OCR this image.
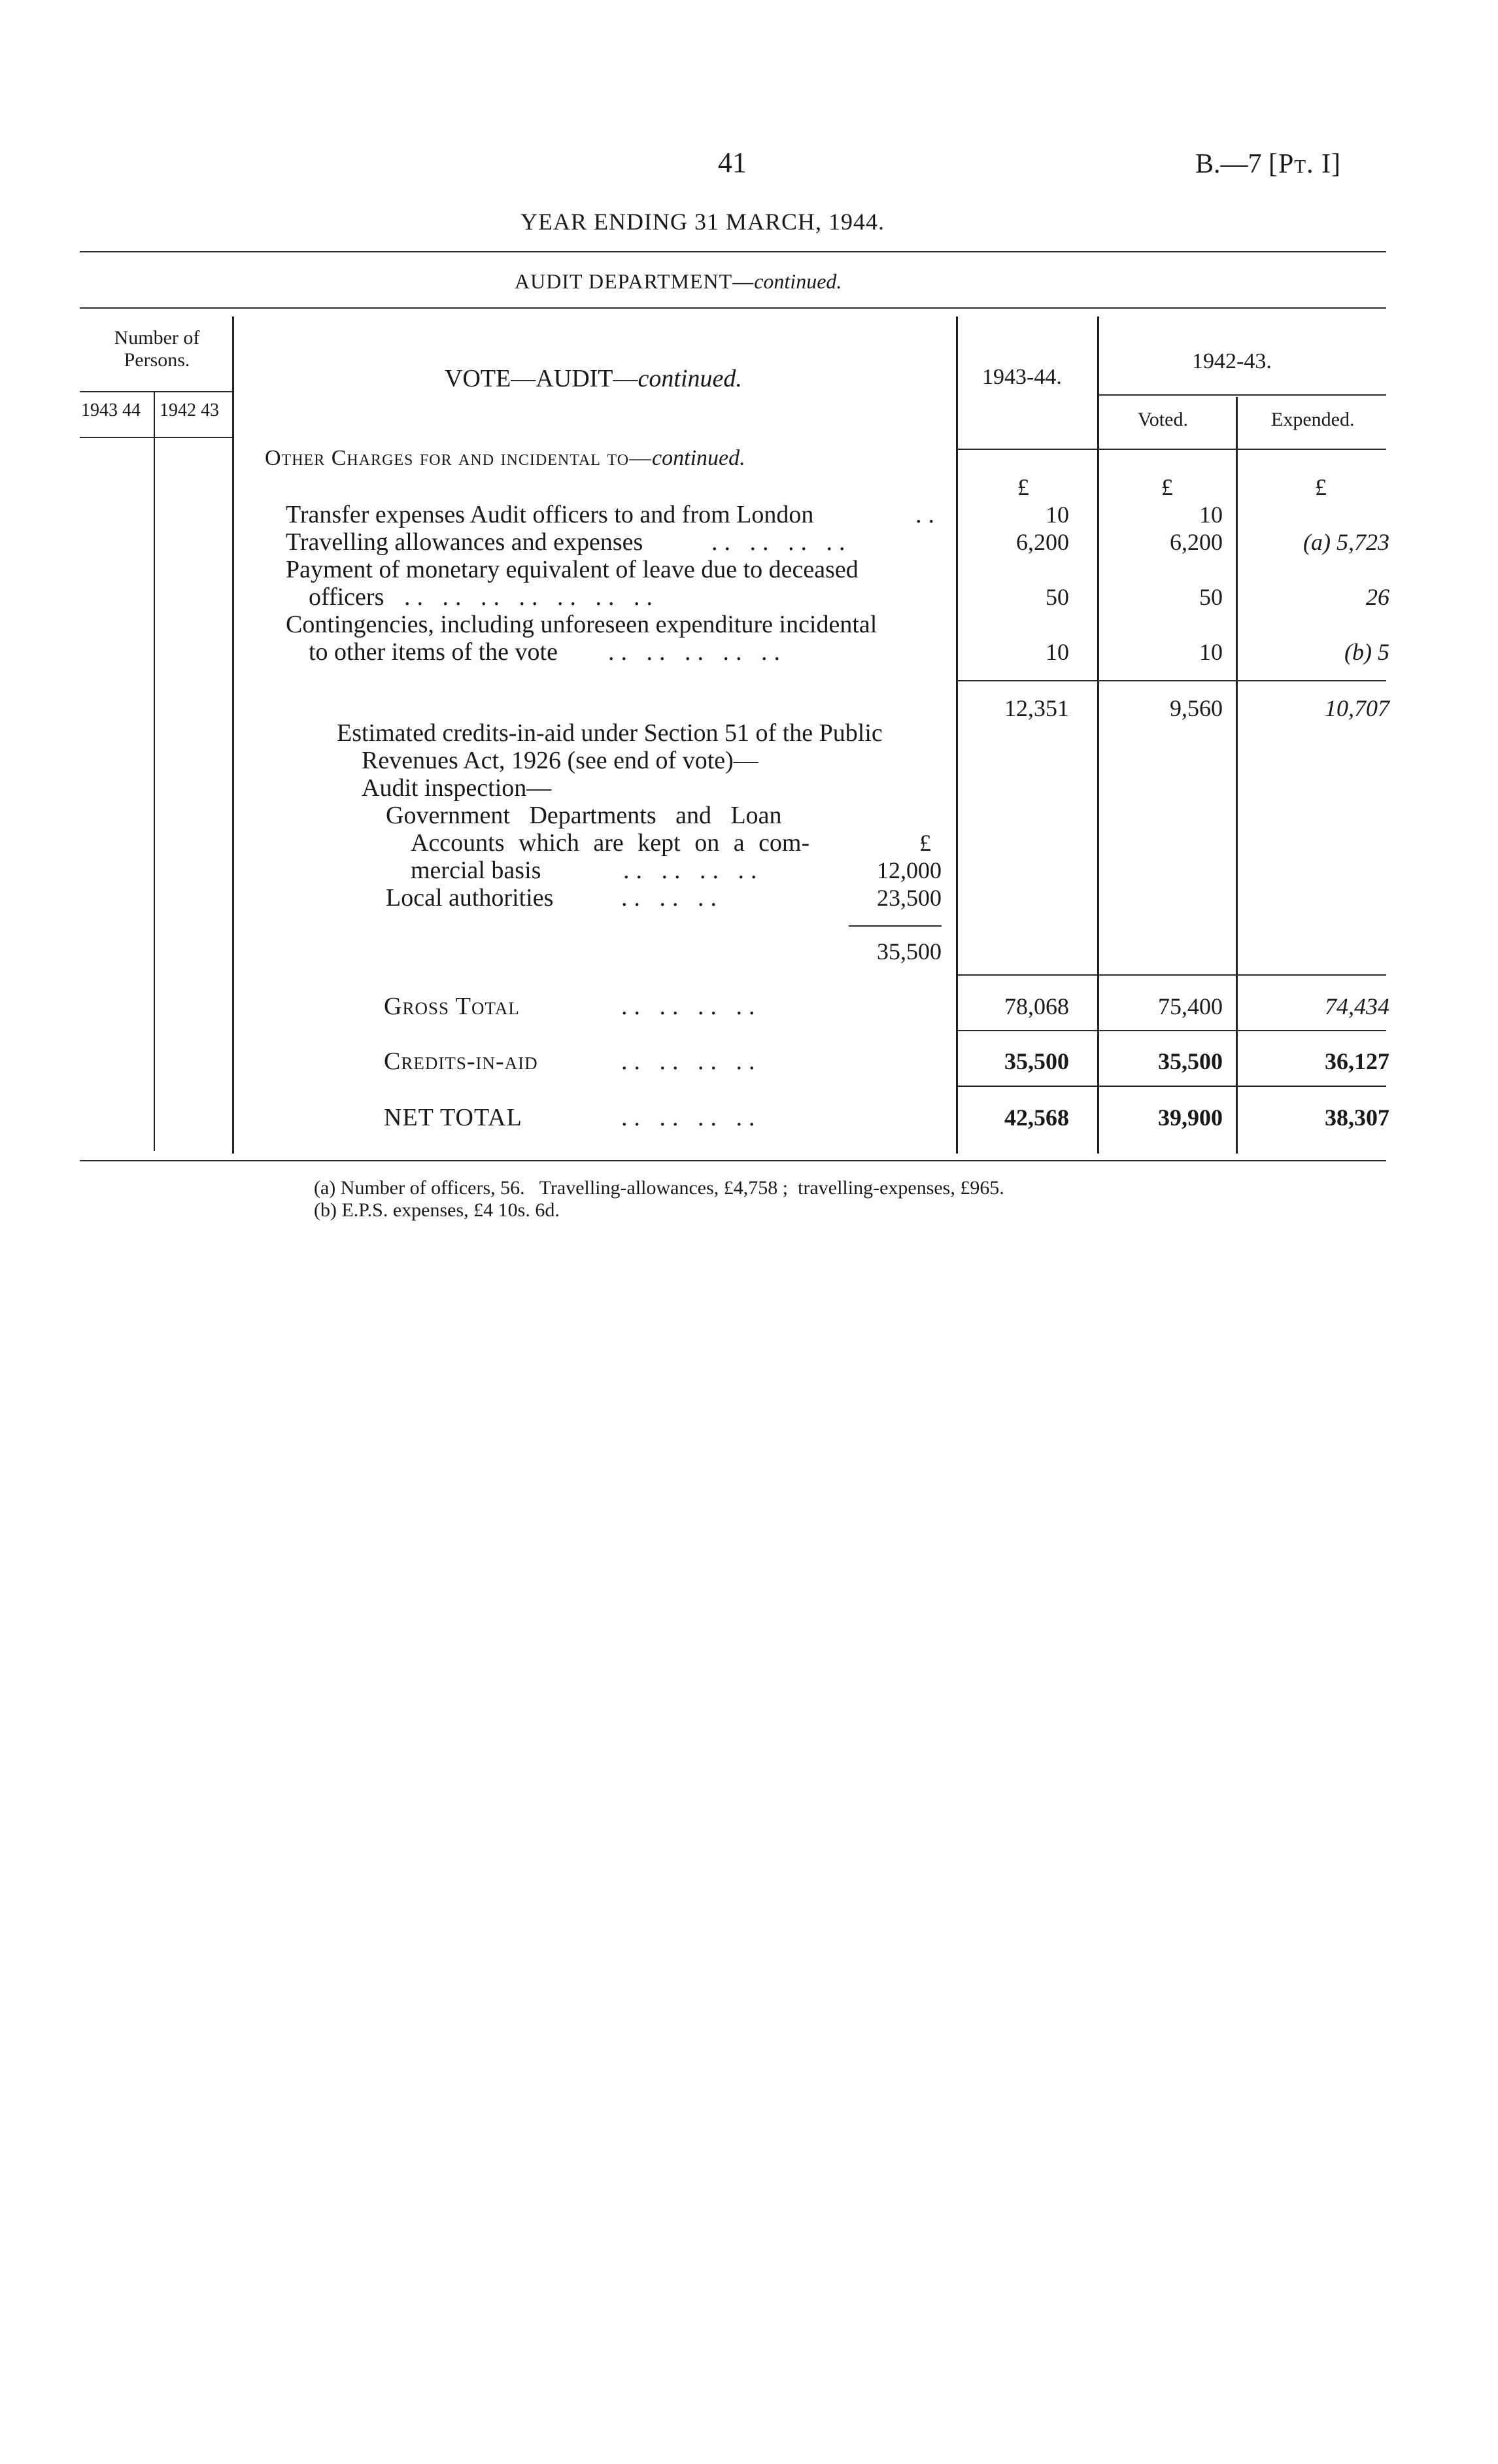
41	B.—7 [Pt. I]
YEAR ENDING 31 MARCH, 1944.
AUDIT DEPARTMENT—continued.
Number of Persons.
1943 44 1942 43
VOTE—AUDIT—continued.	1943-44.
1942-43.
Voted.	Expended.
Other Charges for and incidental to—continued.
£	£	£
Transfer expenses Audit officers to and from London	..	10	10
Travelling allowances and expenses	.. .. .. ..	6,200	6,200	(a) 5,723
Payment of monetary equivalent of leave due to deceased
officers .. .. .. .. .. .. ..	50	50	26
Contingencies, including unforeseen expenditure incidental
to other items of the vote .. .. .. .. ..	10	10	(b) 5
12,351	9,560	10,707
Estimated credits-in-aid under Section 51 of the Public
Revenues Act, 1926 (see end of vote)—
Audit inspection—
Government Departments and Loan
Accounts which are kept on a com-	£
mercial basis	.. .. .. ..	12,000
Local authorities	.. .. ..	23,500
35,500
Gross Total	.. .. .. ..	78,068	75,400	74,434
Credits-in-aid	.. .. .. ..	35,500	35,500	36,127
NET TOTAL	.. .. .. ..	42,568	39,900	38,307
(a) Number of officers, 56.   Travelling-allowances, £4,758 ;  travelling-expenses, £965.
(b) E.P.S. expenses, £4 10s. 6d.
